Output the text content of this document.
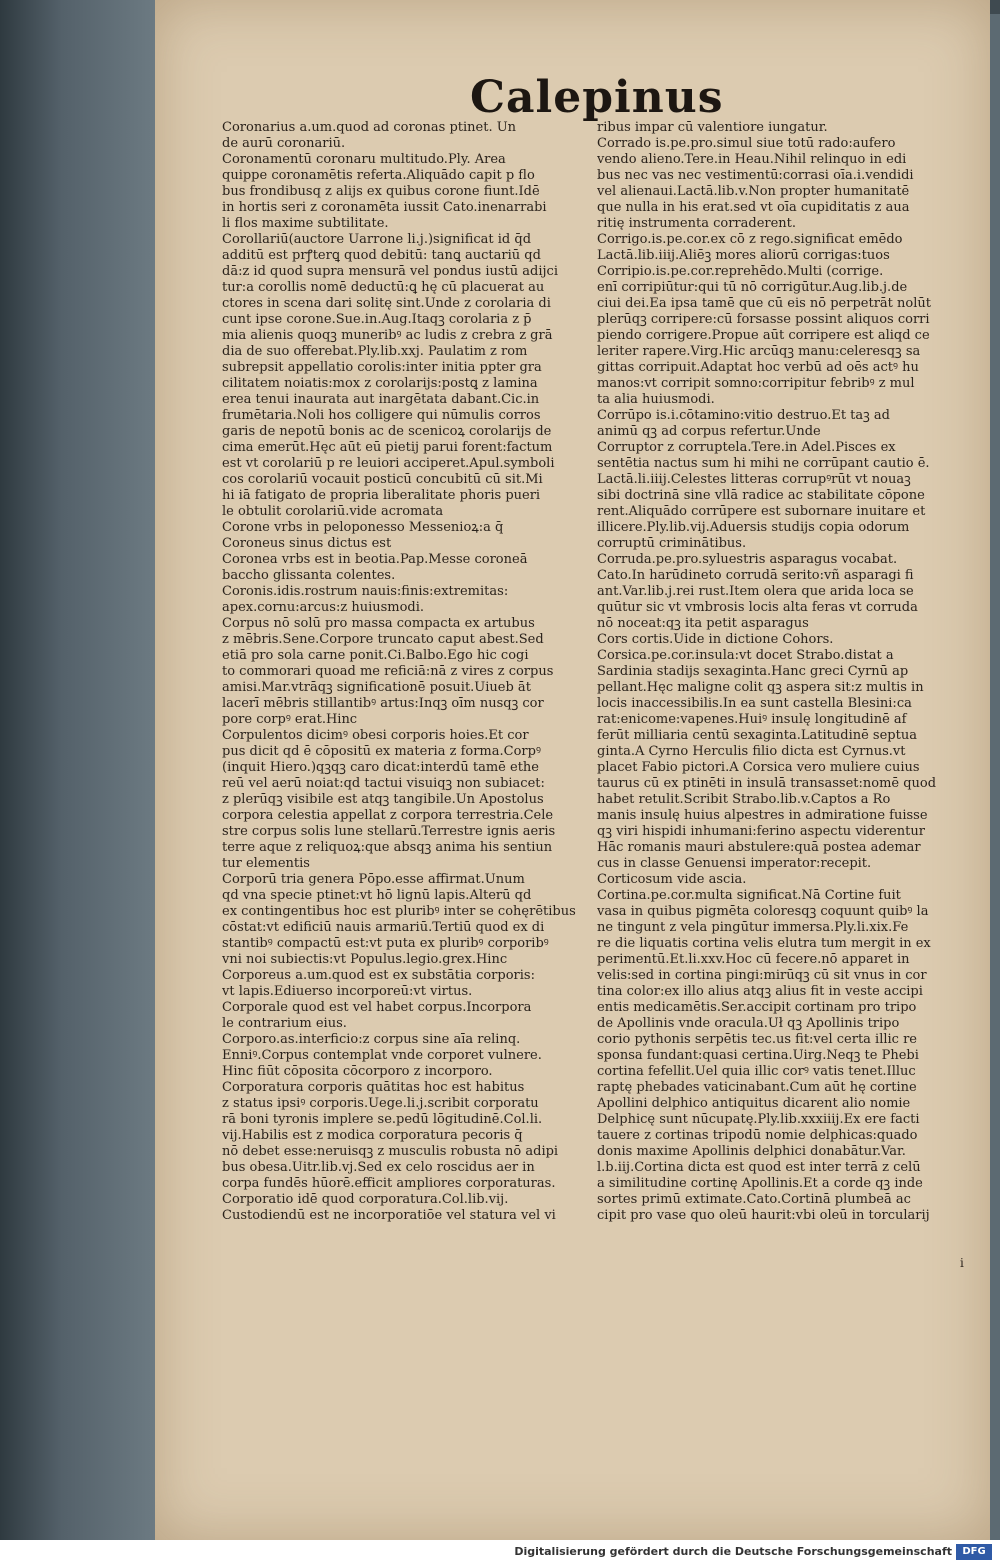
Calepinus

Coronarius a.um.quod ad coronas ptinet. Un

de aurū coronariū.

Coronamentū coronaru multitudo.Ply. Area

quippe coronamētis referta.Aliquādo capit p flo

bus frondibusq z alijs ex quibus corone fiunt.Idē

in hortis seri z coronamēta iussit Cato.inenarrabi

li flos maxime subtilitate.

Corollariū(auctore Uarrone li.j.)significat id q̄d

additū est prꝭterꝗ quod debitū: tanꝗ auctariū qd

dā:z id quod supra mensurā vel pondus iustū adijci

tur:a corollis nomē deductū:ꝗ hę cū placuerat au

ctores in scena dari solitę sint.Unde z corolaria di

cunt ipse corone.Sue.in.Aug.Itaqꝫ corolaria z p̄

mia alienis quoqꝫ muneribꝰ ac ludis z crebra z grā

dia de suo offerebat.Ply.lib.xxj. Paulatim z rom

subrepsit appellatio corolis:inter initia ppter gra

cilitatem noiatis:mox z corolarijs:postꝗ z lamina

erea tenui inaurata aut inargētata dabant.Cic.in

frumētaria.Noli hos colligere qui nūmulis corros

garis de nepotū bonis ac de scenicoꝝ corolarijs de

cima emerūt.Hęc aūt eū pietij parui forent:factum

est vt corolariū p re leuiori acciperet.Apul.symboli

cos corolariū vocauit posticū concubitū cū sit.Mi

hi iā fatigato de propria liberalitate phoris pueri

le obtulit corolariū.vide acromata

Corone vrbs in peloponesso Messenioꝝ:a q̄

Coroneus sinus dictus est

Coronea vrbs est in beotia.Pap.Messe coroneā

baccho glissanta colentes.

Coronis.idis.rostrum nauis:finis:extremitas:

apex.cornu:arcus:z huiusmodi.

Corpus nō solū pro massa compacta ex artubus

z mēbris.Sene.Corpore truncato caput abest.Sed

etiā pro sola carne ponit.Ci.Balbo.Ego hic cogi

to commorari quoad me reficiā:nā z vires z corpus

amisi.Mar.vtrāqꝫ significationē posuit.Uiueb āt

lacerī mēbris stillantibꝰ artus:Inqꝫ oīm nusqꝫ cor

pore corpꝰ erat.Hinc

Corpulentos dicimꝰ obesi corporis hoies.Et cor

pus dicit qd̄ ē cōpositū ex materia z forma.Corpꝰ

(inquit Hiero.)qꝫqꝫ caro dicat:interdū tamē ethe

reū vel aerū noiat:qd̄ tactui visuiqꝫ non subiacet:

z plerūqꝫ visibile est atqꝫ tangibile.Un Apostolus

corpora celestia appellat z corpora terrestria.Cele

stre corpus solis lune stellarū.Terrestre ignis aeris

terre aque z reliquoꝝ:que absqꝫ anima his sentiun

tur elementis

Corporū tria genera Pōpo.esse affirmat.Unum

qd̄ vna specie ptinet:vt hō lignū lapis.Alterū qd̄

ex contingentibus hoc est pluribꝰ inter se cohęrētibus

cōstat:vt edificiū nauis armariū.Tertiū quod ex di

stantibꝰ compactū est:vt puta ex pluribꝰ corporibꝰ

vni noi subiectis:vt Populus.legio.grex.Hinc

Corporeus a.um.quod est ex substātia corporis:

vt lapis.Ediuerso incorporeū:vt virtus.

Corporale quod est vel habet corpus.Incorpora

le contrarium eius.

Corporo.as.interficio:z corpus sine aīa relinq.

Enniꝰ.Corpus contemplat vnde corporet vulnere.

Hinc fiūt cōposita cōcorporo z incorporo.

Corporatura corporis quātitas hoc est habitus

z status ipsiꝰ corporis.Uege.li.j.scribit corporatu

rā boni tyronis implere se.pedū lōgitudinē.Col.li.

vij.Habilis est z modica corporatura pecoris q̄

nō debet esse:neruisqꝫ z musculis robusta nō adipi

bus obesa.Uitr.lib.vj.Sed ex celo roscidus aer in

corpa fundēs hūorē.efficit ampliores corporaturas.

Corporatio idē quod corporatura.Col.lib.vij.

Custodiendū est ne incorporatiōe vel statura vel vi

ribus impar cū valentiore iungatur.

Corrado is.pe.pro.simul siue totū rado:aufero

vendo alieno.Tere.in Heau.Nihil relinquo in edi

bus nec vas nec vestimentū:corrasi oīa.i.vendidi

vel alienaui.Lactā.lib.v.Non propter humanitatē

que nulla in his erat.sed vt oīa cupiditatis z aua

ritię instrumenta corraderent.

Corrigo.is.pe.cor.ex cō z rego.significat emēdo

Lactā.lib.iiij.Aliēꝫ mores aliorū corrigas:tuos

Corripio.is.pe.cor.reprehēdo.Multi (corrige.

enī corripiūtur:qui tū nō corrigūtur.Aug.lib.j.de

ciui dei.Ea ipsa tamē que cū eis nō perpetrāt nolūt

plerūqꝫ corripere:cū forsasse possint aliquos corri

piendo corrigere.Propue aūt corripere est aliqd ce

leriter rapere.Virg.Hic arcūqꝫ manu:celeresqꝫ sa

gittas corripuit.Adaptat hoc verbū ad oēs actꝰ hu

manos:vt corripit somno:corripitur febribꝰ z mul

ta alia huiusmodi.

Corrūpo is.i.cōtamino:vitio destruo.Et taꝫ ad

animū qꝫ ad corpus refertur.Unde

Corruptor z corruptela.Tere.in Adel.Pisces ex

sentētia nactus sum hi mihi ne corrūpant cautio ē.

Lactā.li.iiij.Celestes litteras corrupꝰrūt vt nouaꝫ

sibi doctrinā sine vllā radice ac stabilitate cōpone

rent.Aliquādo corrūpere est subornare inuitare et

illicere.Ply.lib.vij.Aduersis studijs copia odorum

corruptū criminātibus.

Corruda.pe.pro.syluestris asparagus vocabat.

Cato.In harūdineto corrudā serito:vñ asparagi fi

ant.Var.lib.j.rei rust.Item olera que arida loca se

quūtur sic vt vmbrosis locis alta feras vt corruda

nō noceat:qꝫ ita petit asparagus

Cors cortis.Uide in dictione Cohors.

Corsica.pe.cor.insula:vt docet Strabo.distat a

Sardinia stadijs sexaginta.Hanc greci Cyrnū ap

pellant.Hęc maligne colit qꝫ aspera sit:z multis in

locis inaccessibilis.In ea sunt castella Blesini:ca

rat:enicome:vapenes.Huiꝰ insulę longitudinē af

ferūt milliaria centū sexaginta.Latitudinē septua

ginta.A Cyrno Herculis filio dicta est Cyrnus.vt

placet Fabio pictori.A Corsica vero muliere cuius

taurus cū ex ptinēti in insulā transasset:nomē quod

habet retulit.Scribit Strabo.lib.v.Captos a Ro

manis insulę huius alpestres in admiratione fuisse

qꝫ viri hispidi inhumani:ferino aspectu viderentur

Hāc romanis mauri abstulere:quā postea ademar

cus in classe Genuensi imperator:recepit.

Corticosum vide ascia.

Cortina.pe.cor.multa significat.Nā Cortine fuit

vasa in quibus pigmēta coloresqꝫ coquunt quibꝰ la

ne tingunt z vela pingūtur immersa.Ply.li.xix.Fe

re die liquatis cortina velis elutra tum mergit in ex

perimentū.Et.li.xxv.Hoc cū fecere.nō apparet in

velis:sed in cortina pingi:mirūqꝫ cū sit vnus in cor

tina color:ex illo alius atqꝫ alius fit in veste accipi

entis medicamētis.Ser.accipit cortinam pro tripo

de Apollinis vnde oracula.Uł qꝫ Apollinis tripo

corio pythonis serpētis tec.us fit:vel certa illic re

sponsa fundant:quasi certina.Uirg.Neqꝫ te Phebi

cortina fefellit.Uel quia illic corꝰ vatis tenet.Illuc

raptę phebades vaticinabant.Cum aūt hę cortine

Apollini delphico antiquitus dicarent alio nomie

Delphicę sunt nūcupatę.Ply.lib.xxxiiij.Ex ere facti

tauere z cortinas tripodū nomie delphicas:quado

donis maxime Apollinis delphici donabātur.Var.

l.b.iij.Cortina dicta est quod est inter terrā z celū

a similitudine cortinę Apollinis.Et a corde qꝫ inde

sortes primū extimate.Cato.Cortinā plumbeā ac

cipit pro vase quo oleū haurit:vbi oleū in torcularij

i
Digitalisierung gefördert durch die Deutsche Forschungsgemeinschaft	DFG
